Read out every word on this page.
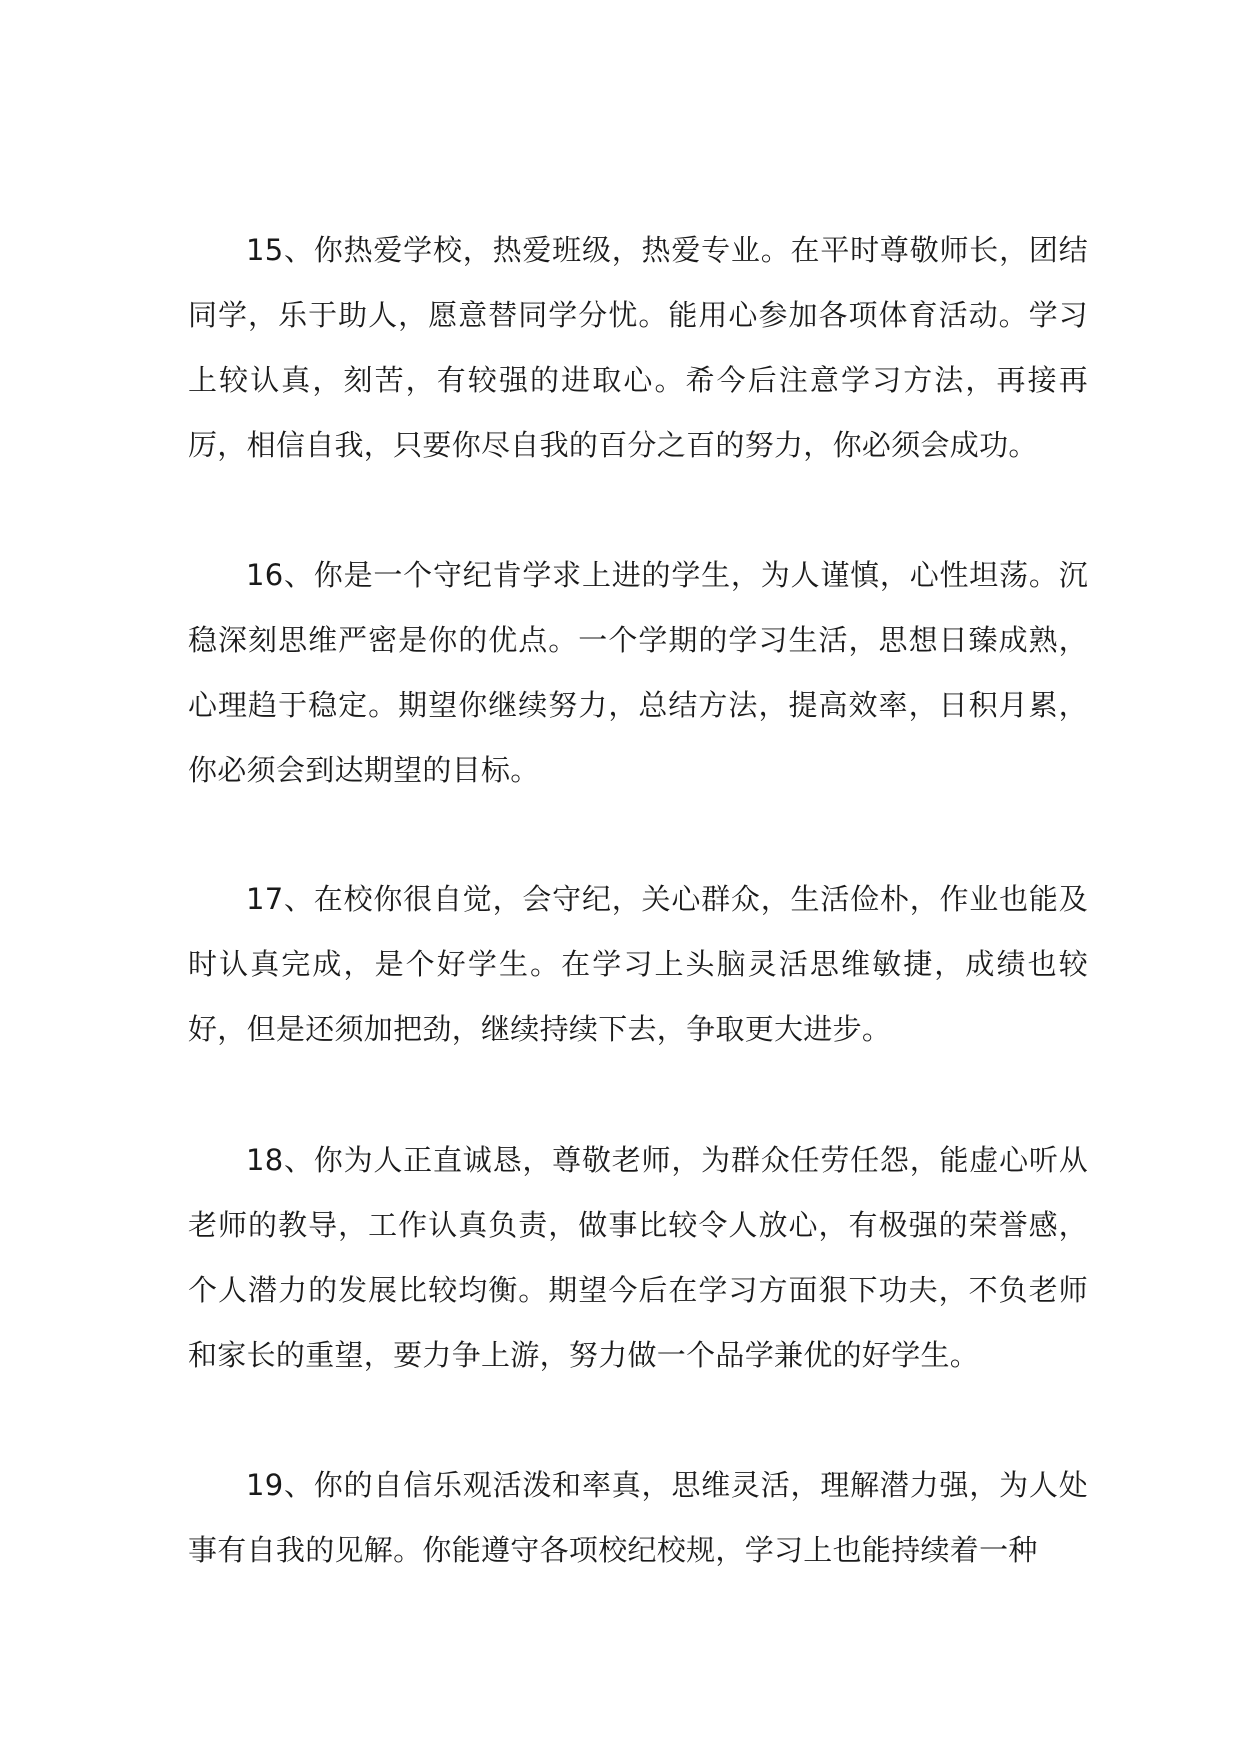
15、你热爱学校，热爱班级，热爱专业。在平时尊敬师长，团结同学，乐于助人，愿意替同学分忧。能用心参加各项体育活动。学习上较认真，刻苦，有较强的进取心。希今后注意学习方法，再接再厉，相信自我，只要你尽自我的百分之百的努力，你必须会成功。

16、你是一个守纪肯学求上进的学生，为人谨慎，心性坦荡。沉稳深刻思维严密是你的优点。一个学期的学习生活，思想日臻成熟，心理趋于稳定。期望你继续努力，总结方法，提高效率，日积月累，你必须会到达期望的目标。

17、在校你很自觉，会守纪，关心群众，生活俭朴，作业也能及时认真完成，是个好学生。在学习上头脑灵活思维敏捷，成绩也较好，但是还须加把劲，继续持续下去，争取更大进步。

18、你为人正直诚恳，尊敬老师，为群众任劳任怨，能虚心听从老师的教导，工作认真负责，做事比较令人放心，有极强的荣誉感，个人潜力的发展比较均衡。期望今后在学习方面狠下功夫，不负老师和家长的重望，要力争上游，努力做一个品学兼优的好学生。

19、你的自信乐观活泼和率真，思维灵活，理解潜力强，为人处事有自我的见解。你能遵守各项校纪校规，学习上也能持续着一种
